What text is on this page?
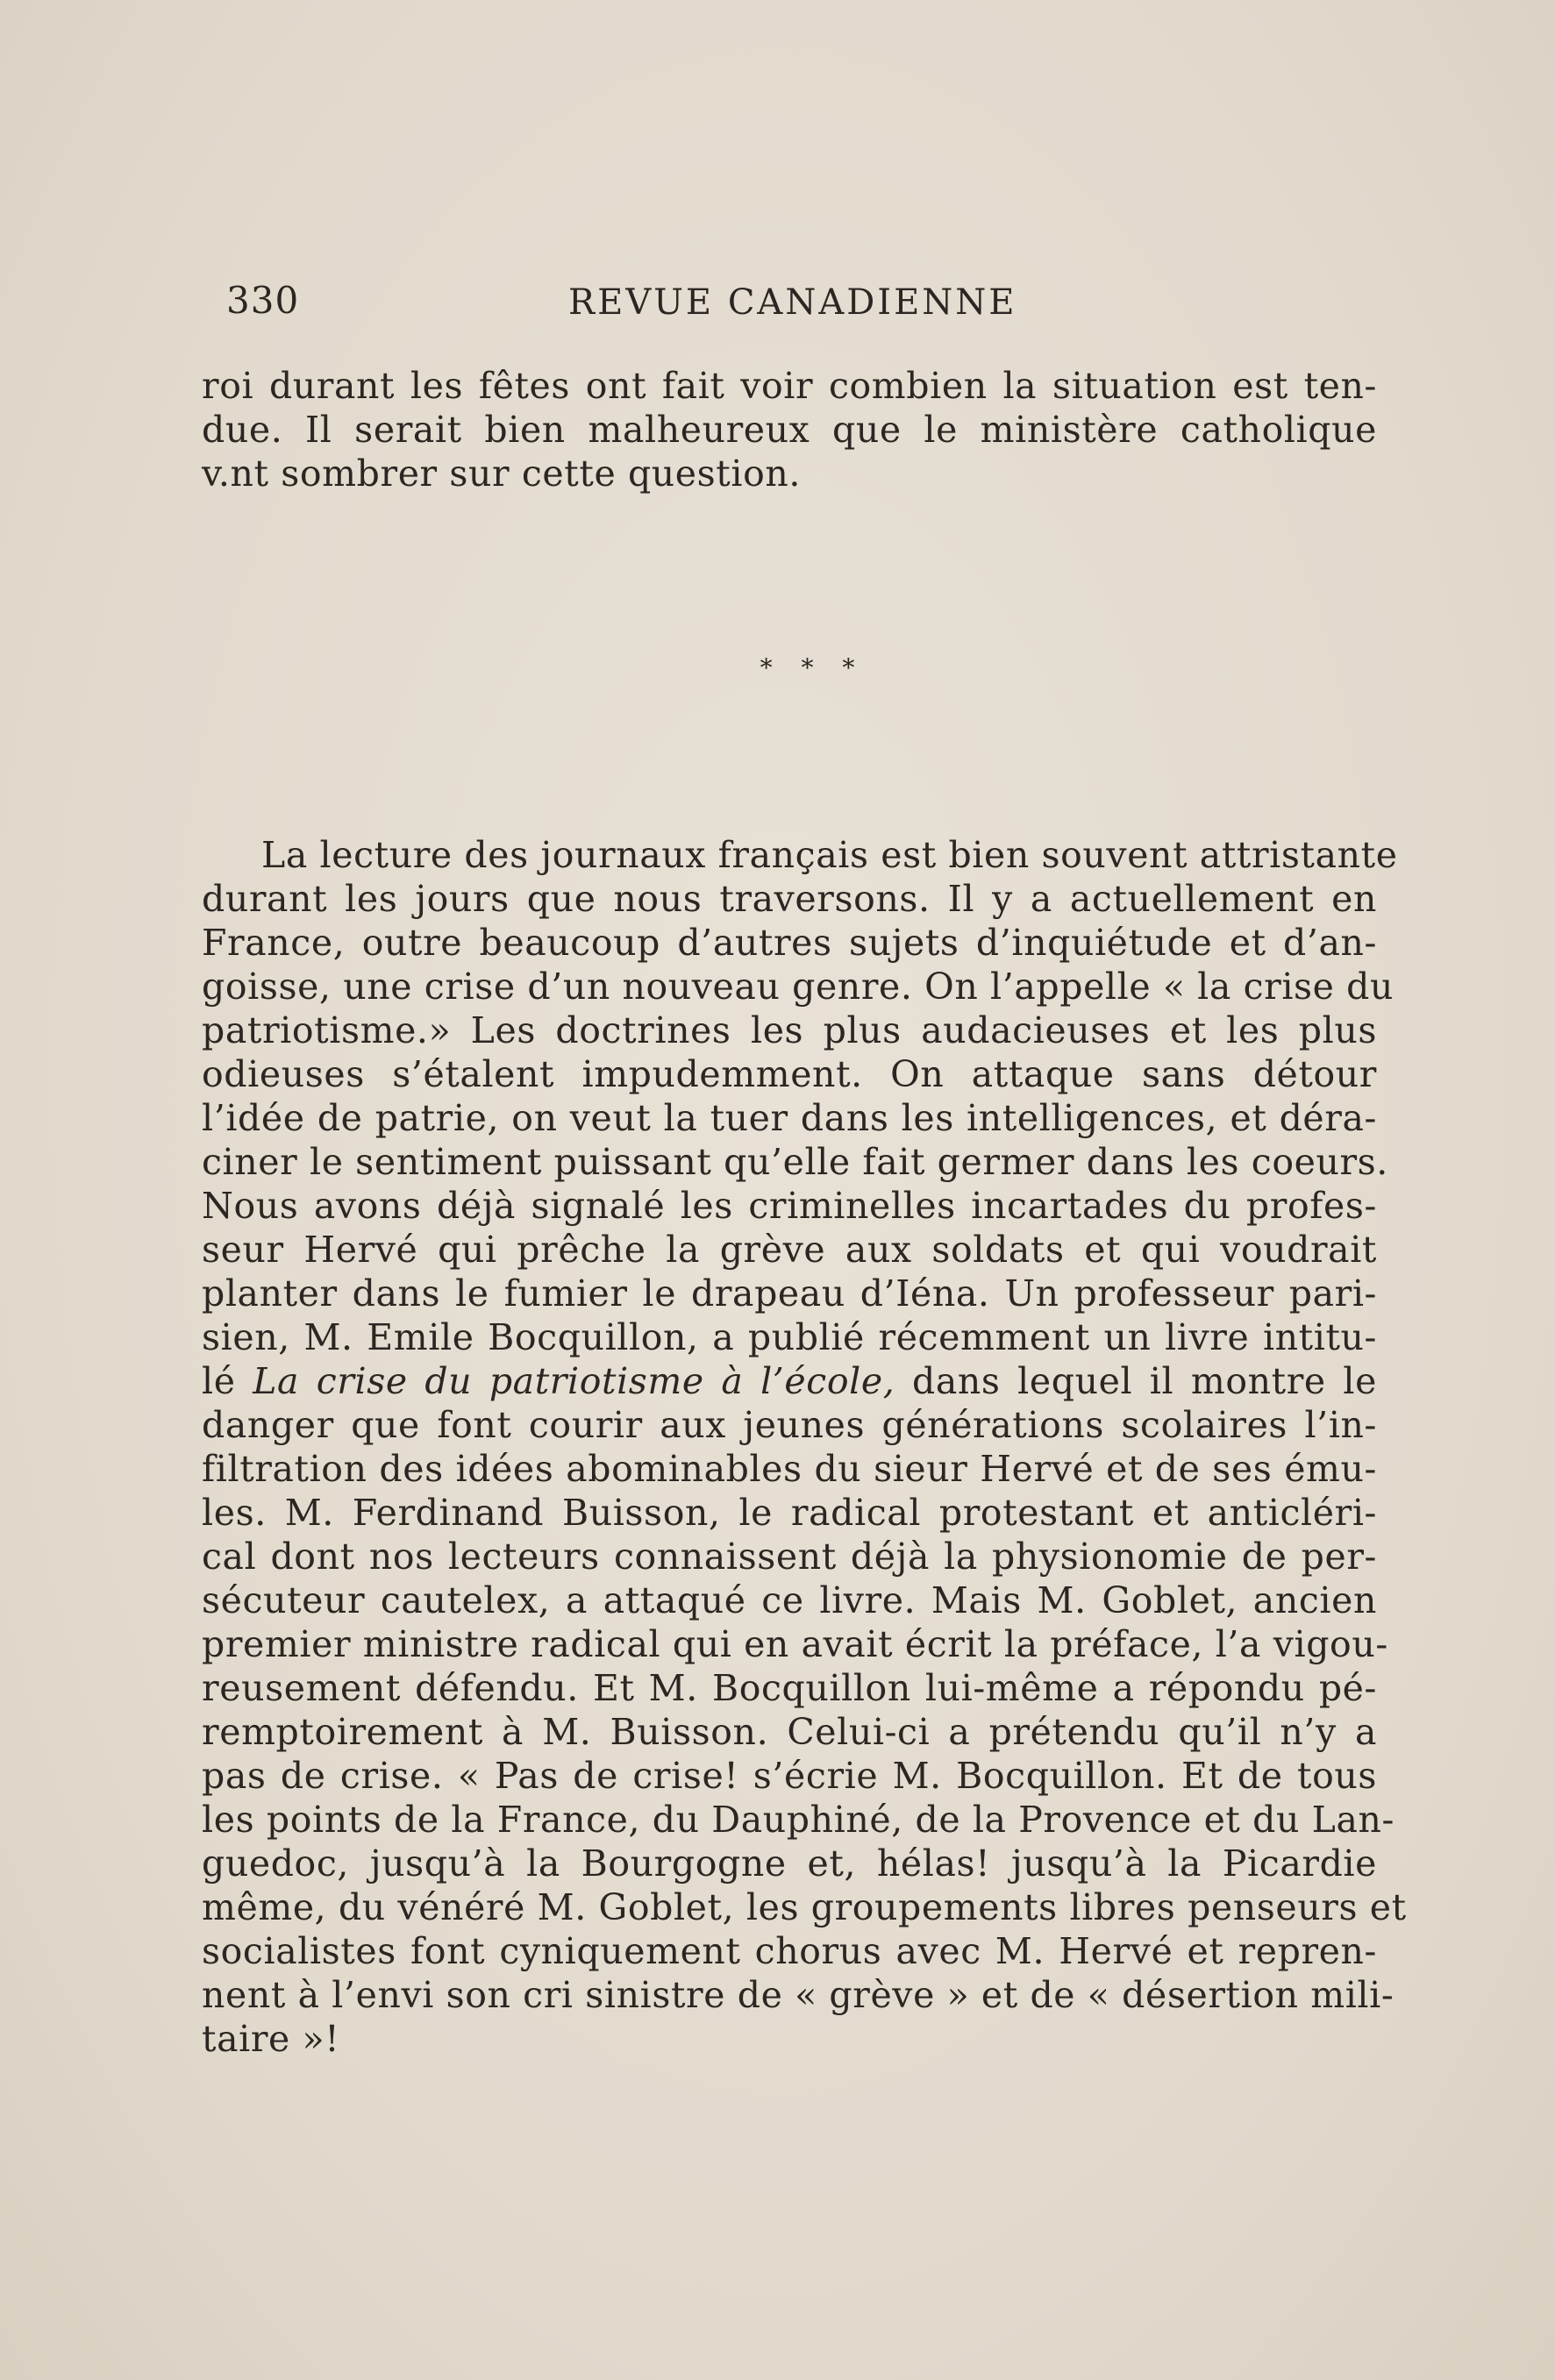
330	REVUE CANADIENNE
roi durant les fêtes ont fait voir combien la situation est ten-
due. Il serait bien malheureux que le ministère catholique
v.nt sombrer sur cette question.
* * *
La lecture des journaux français est bien souvent attristante
durant les jours que nous traversons. Il y a actuellement en
France, outre beaucoup d’autres sujets d’inquiétude et d’an-
goisse, une crise d’un nouveau genre. On l’appelle « la crise du
patriotisme.» Les doctrines les plus audacieuses et les plus
odieuses s’étalent impudemment. On attaque sans détour
l’idée de patrie, on veut la tuer dans les intelligences, et déra-
ciner le sentiment puissant qu’elle fait germer dans les coeurs.
Nous avons déjà signalé les criminelles incartades du profes-
seur Hervé qui prêche la grève aux soldats et qui voudrait
planter dans le fumier le drapeau d’Iéna. Un professeur pari-
sien, M. Emile Bocquillon, a publié récemment un livre intitu-
lé La crise du patriotisme à l’école, dans lequel il montre le
danger que font courir aux jeunes générations scolaires l’in-
filtration des idées abominables du sieur Hervé et de ses ému-
les. M. Ferdinand Buisson, le radical protestant et anticléri-
cal dont nos lecteurs connaissent déjà la physionomie de per-
sécuteur cautelex, a attaqué ce livre. Mais M. Goblet, ancien
premier ministre radical qui en avait écrit la préface, l’a vigou-
reusement défendu. Et M. Bocquillon lui-même a répondu pé-
remptoirement à M. Buisson. Celui-ci a prétendu qu’il n’y a
pas de crise. « Pas de crise! s’écrie M. Bocquillon. Et de tous
les points de la France, du Dauphiné, de la Provence et du Lan-
guedoc, jusqu’à la Bourgogne et, hélas! jusqu’à la Picardie
même, du vénéré M. Goblet, les groupements libres penseurs et
socialistes font cyniquement chorus avec M. Hervé et repren-
nent à l’envi son cri sinistre de « grève » et de « désertion mili-
taire »!
